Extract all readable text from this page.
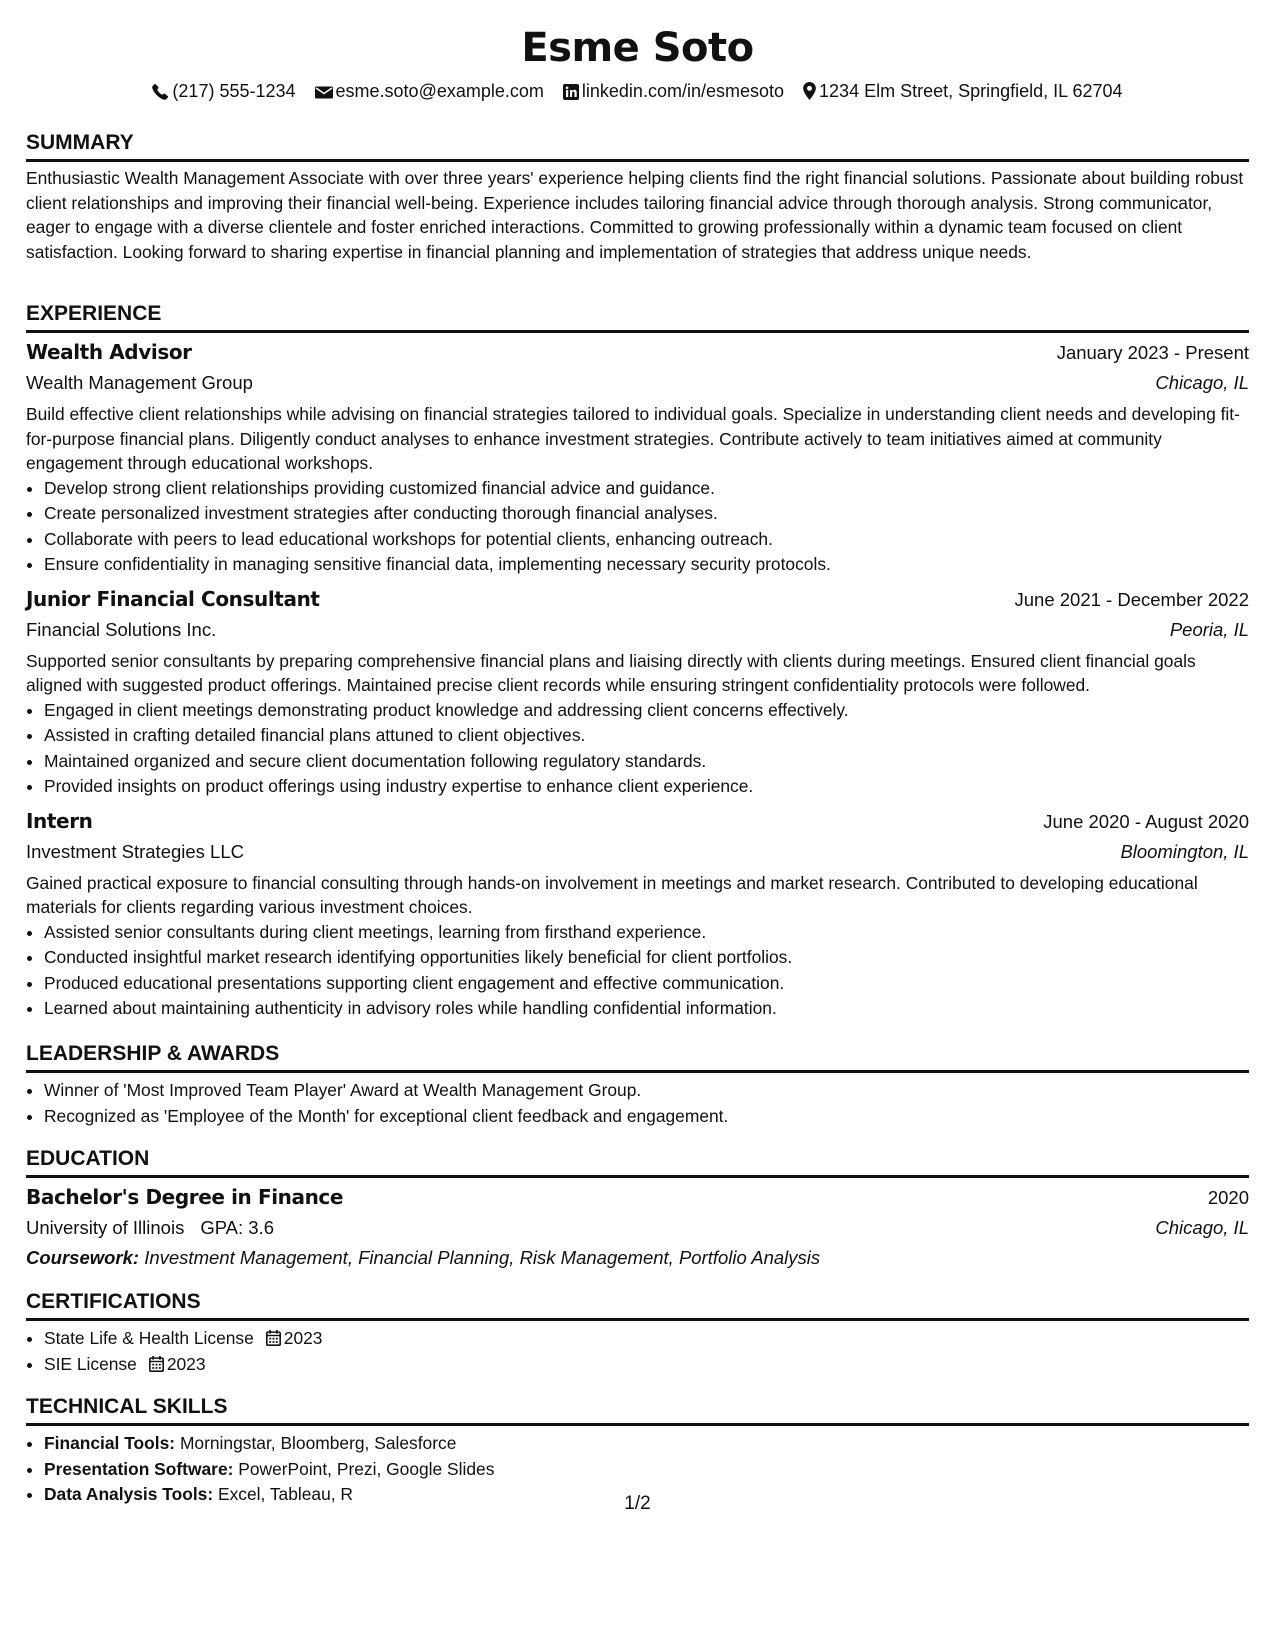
Esme Soto
(217) 555-1234 esme.soto@example.com linkedin.com/in/esmesoto 1234 Elm Street, Springfield, IL 62704
SUMMARY
Enthusiastic Wealth Management Associate with over three years' experience helping clients find the right financial solutions. Passionate about building robust client relationships and improving their financial well-being. Experience includes tailoring financial advice through thorough analysis. Strong communicator, eager to engage with a diverse clientele and foster enriched interactions. Committed to growing professionally within a dynamic team focused on client satisfaction. Looking forward to sharing expertise in financial planning and implementation of strategies that address unique needs.
EXPERIENCE
Wealth Advisor	January 2023 - Present
Wealth Management Group	Chicago, IL
Build effective client relationships while advising on financial strategies tailored to individual goals. Specialize in understanding client needs and developing fit-for-purpose financial plans. Diligently conduct analyses to enhance investment strategies. Contribute actively to team initiatives aimed at community engagement through educational workshops.
• Develop strong client relationships providing customized financial advice and guidance.
• Create personalized investment strategies after conducting thorough financial analyses.
• Collaborate with peers to lead educational workshops for potential clients, enhancing outreach.
• Ensure confidentiality in managing sensitive financial data, implementing necessary security protocols.
Junior Financial Consultant	June 2021 - December 2022
Financial Solutions Inc.	Peoria, IL
Supported senior consultants by preparing comprehensive financial plans and liaising directly with clients during meetings. Ensured client financial goals aligned with suggested product offerings. Maintained precise client records while ensuring stringent confidentiality protocols were followed.
• Engaged in client meetings demonstrating product knowledge and addressing client concerns effectively.
• Assisted in crafting detailed financial plans attuned to client objectives.
• Maintained organized and secure client documentation following regulatory standards.
• Provided insights on product offerings using industry expertise to enhance client experience.
Intern	June 2020 - August 2020
Investment Strategies LLC	Bloomington, IL
Gained practical exposure to financial consulting through hands-on involvement in meetings and market research. Contributed to developing educational materials for clients regarding various investment choices.
• Assisted senior consultants during client meetings, learning from firsthand experience.
• Conducted insightful market research identifying opportunities likely beneficial for client portfolios.
• Produced educational presentations supporting client engagement and effective communication.
• Learned about maintaining authenticity in advisory roles while handling confidential information.
LEADERSHIP & AWARDS
• Winner of 'Most Improved Team Player' Award at Wealth Management Group.
• Recognized as 'Employee of the Month' for exceptional client feedback and engagement.
EDUCATION
Bachelor's Degree in Finance	2020
University of Illinois GPA: 3.6	Chicago, IL
Coursework: Investment Management, Financial Planning, Risk Management, Portfolio Analysis
CERTIFICATIONS
• State Life & Health License 2023
• SIE License 2023
TECHNICAL SKILLS
• Financial Tools: Morningstar, Bloomberg, Salesforce
• Presentation Software: PowerPoint, Prezi, Google Slides
• Data Analysis Tools: Excel, Tableau, R	1/2
